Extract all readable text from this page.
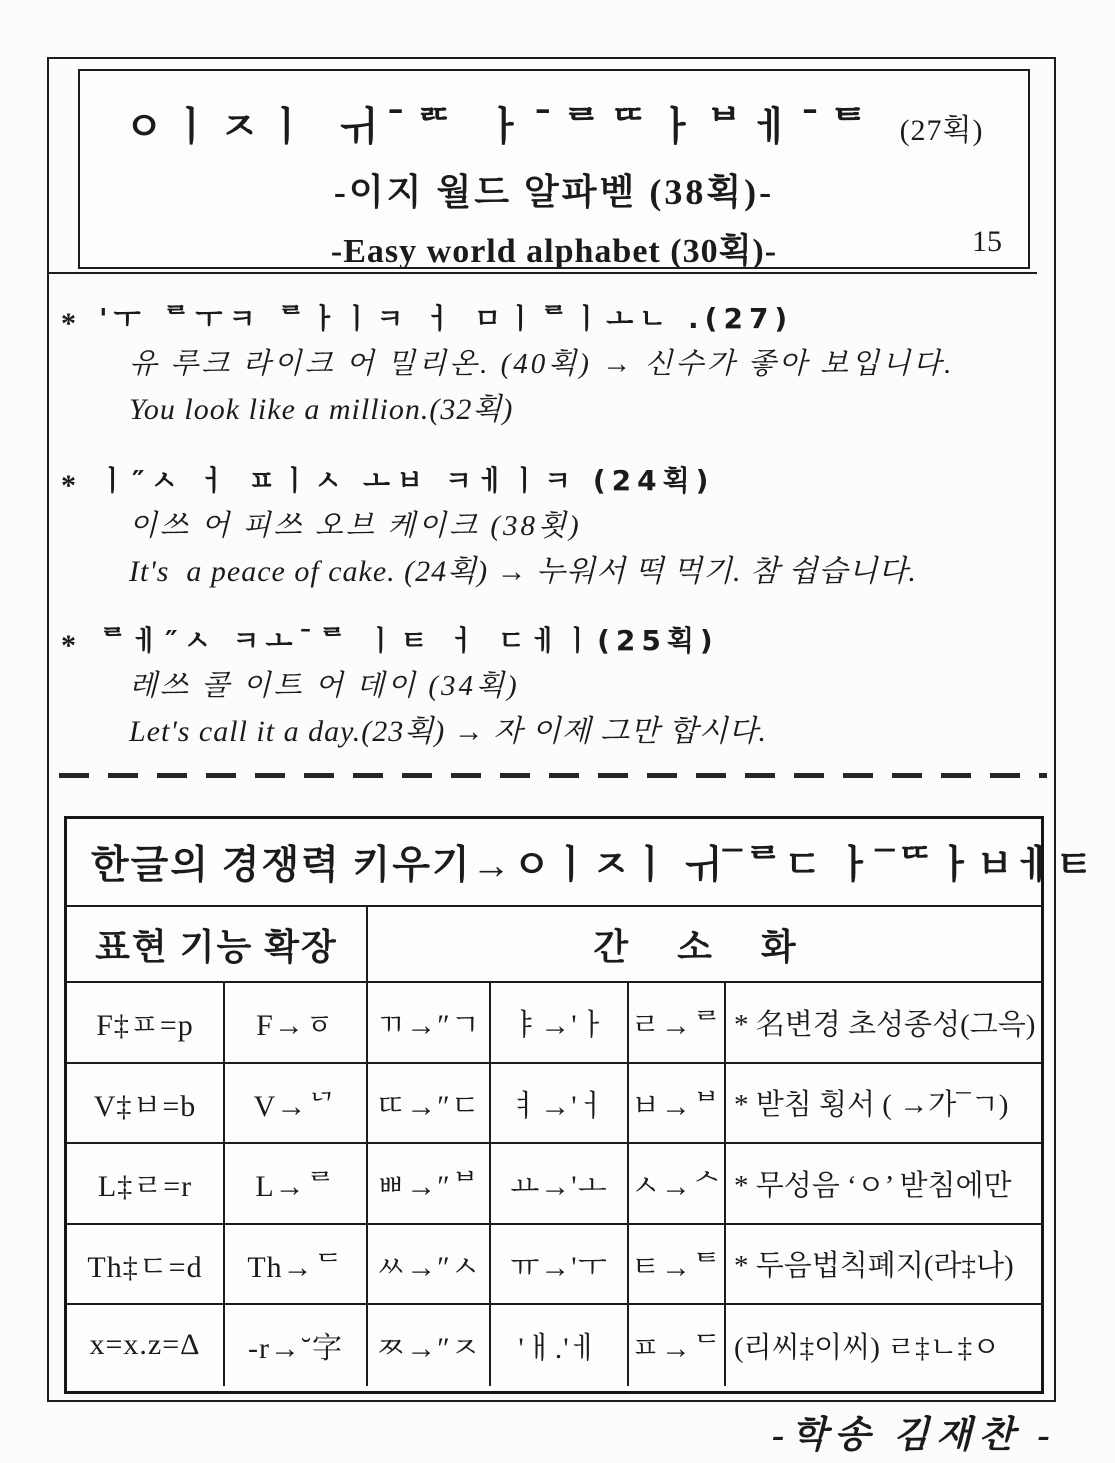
ㅇㅣㅈㅣ ㅟ¯ᄅᄃ ㅏ¯ᄅᄄㅏᄇㅔ¯ᄐ (27획)
-이지 월드 알파벧 (38획)-
-Easy world alphabet (30획)-	15
* 'ㅜ ᄅㅜㅋ ᄅㅏㅣㅋ ㅓ ㅁㅣᄅㅣㅗㄴ .(27)
유 루크 라이크 어 밀리온. (40획) → 신수가 좋아 보입니다.
You look like a million.(32획)
* ㅣ″ㅅ ㅓ ㅍㅣㅅ ㅗㅂ ㅋㅔㅣㅋ (24획)
이쓰 어 피쓰 오브 케이크 (38횟)
It's  a peace of cake. (24획) → 누워서 떡 먹기. 참 쉽습니다.
* ᄅㅔ″ㅅ ㅋㅗ¯ᄅ ㅣㅌ ㅓ ㄷㅔㅣ(25획)
레쓰 콜 이트 어 데이 (34획)
Let's call it a day.(23획) → 자 이제 그만 합시다.
한글의 경쟁력 키우기→ㅇㅣㅈㅣ ㅟ¯ᄅㄷ ㅏ¯ᄄㅏㅂㅔㅌ
표현 기능 확장	간 소 화
F‡ㅍ=p	F→ㆆ	ㄲ→″ㄱ ㅑ→'ㅏ ㄹ→ᄅ * 名변경 초성종성(그윽)
V‡ㅂ=b	V→ᄓ	ㄸ→″ㄷ ㅕ→'ㅓ ㅂ→ᄇ * 받침 횡서 ( →가¯ㄱ)
L‡ㄹ=r	L→ᄅ	ㅃ→″ᄇ ㅛ→'ㅗ ㅅ→ᄉ * 무성음 ‘ㅇ’ 받침에만
Th‡ㄷ=d	Th→ᄃ	ㅆ→″ㅅ ㅠ→'ㅜ ㅌ→ᄐ * 두음법칙폐지(라‡나)
x=x.z=Δ	-r→˘字	ㅉ→″ㅈ	'ㅐ.'ㅔ	ㅍ→ᄃ (리씨‡이씨) ㄹ‡ㄴ‡ㅇ
-학송 김재찬 -
